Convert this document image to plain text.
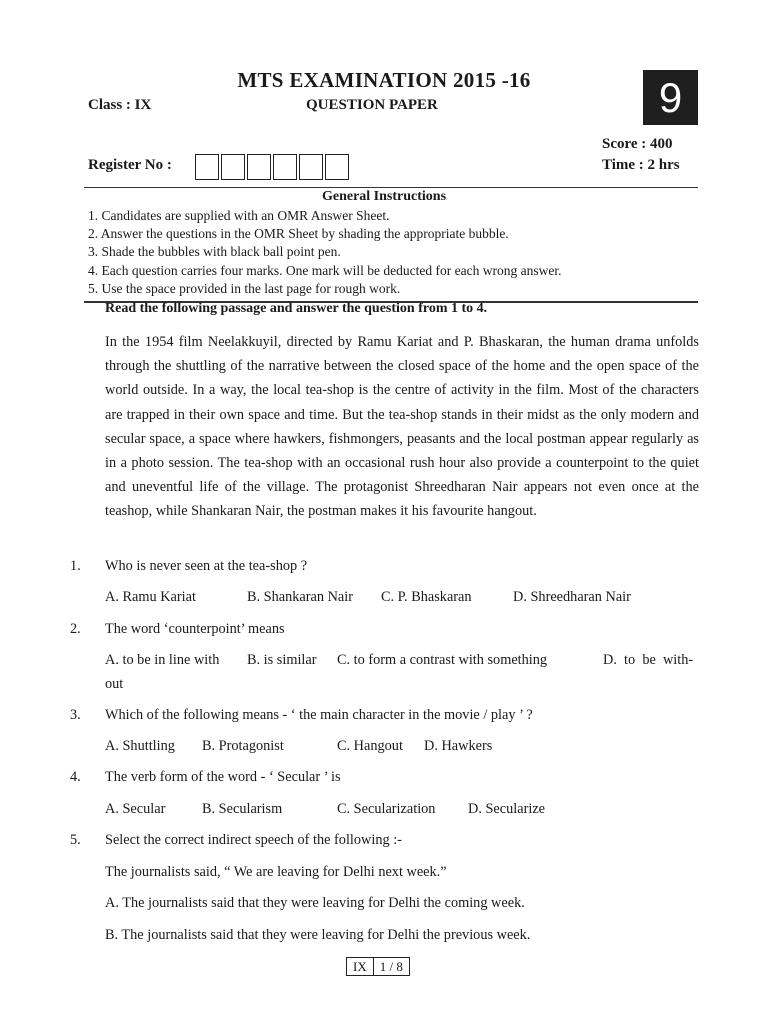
MTS EXAMINATION 2015 -16
Class : IX	QUESTION PAPER	9
Score : 400
Time : 2 hrs
Register No :
General Instructions
1. Candidates are supplied with an OMR Answer Sheet.
2. Answer the questions in the OMR Sheet by shading the appropriate bubble.
3. Shade the bubbles with black ball point pen.
4. Each question carries four marks. One mark will be deducted for each wrong answer.
5. Use the space provided in the last page for rough work.
Read the following passage and answer the question from 1 to 4.
In the 1954 film Neelakkuyil, directed by Ramu Kariat and P. Bhaskaran, the human drama unfolds through the shuttling of the narrative between the closed space of the home and the open space of the world outside. In a way, the local tea-shop is the centre of activity in the film. Most of the characters are trapped in their own space and time. But the tea-shop stands in their midst as the only modern and secular space, a space where hawkers, fishmongers, peasants and the local postman appear regularly as in a photo session. The tea-shop with an occasional rush hour also provide a counterpoint to the quiet and uneventful life of the village. The protagonist Shreedharan Nair appears not even once at the teashop, while Shankaran Nair, the postman makes it his favourite hangout.
1. Who is never seen at the tea-shop ?
A. Ramu Kariat	B. Shankaran Nair	C. P. Bhaskaran	D. Shreedharan Nair
2. The word ‘counterpoint’ means
A. to be in line with	B. is similar	C. to form a contrast with something	D.  to  be  with-
out
3. Which of the following means - ‘ the main character in the movie / play ’ ?
A. Shuttling	B. Protagonist	C. Hangout	D. Hawkers
4. The verb form of the word - ‘ Secular ’ is
A. Secular	B. Secularism	C. Secularization	D. Secularize
5. Select the correct indirect speech of the following :-
The journalists said, “ We are leaving for Delhi next week.”
A. The journalists said that they were leaving for Delhi the coming week.
B. The journalists said that they were leaving for Delhi the previous week.
IX	1 / 8
